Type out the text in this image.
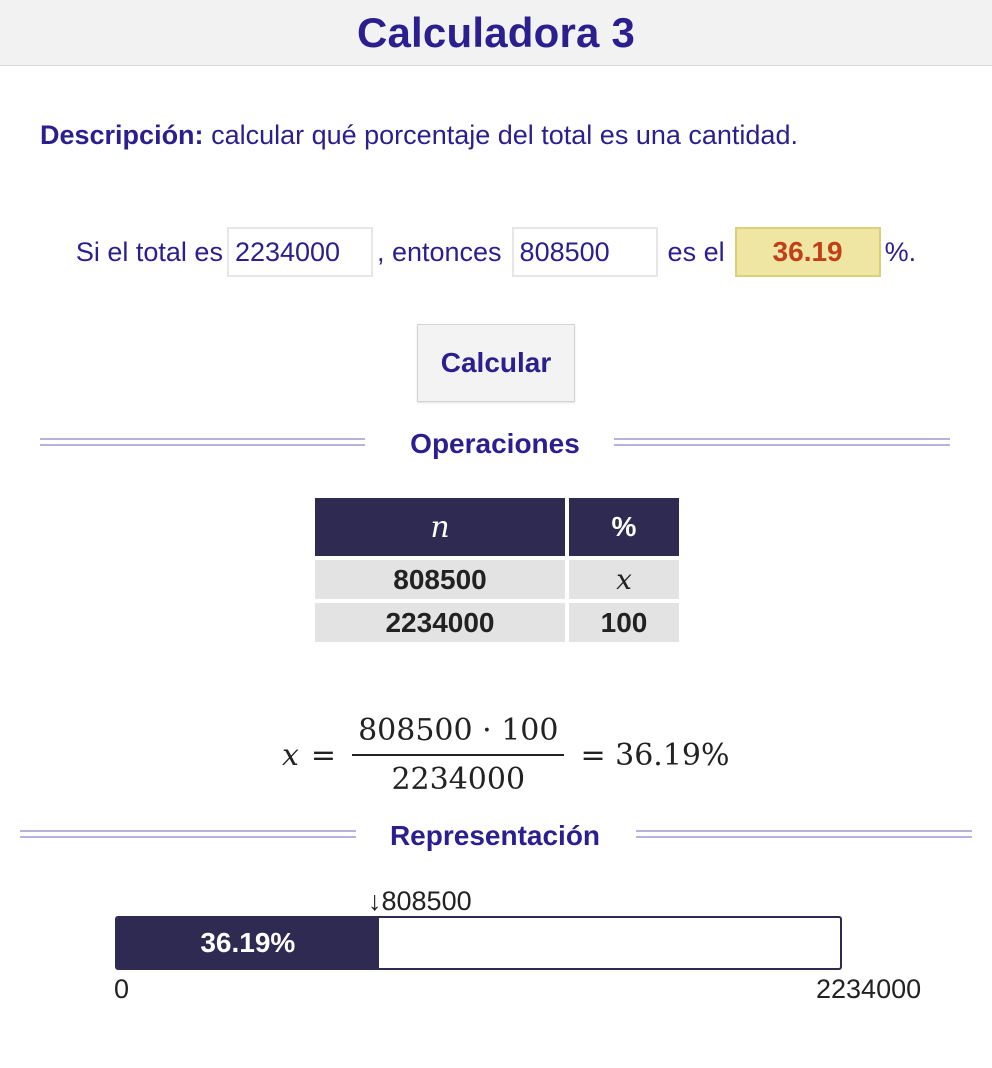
Calculadora 3
Descripción: calcular qué porcentaje del total es una cantidad.
Si el total es
2234000	, entonces
808500	es el	36.19	%.
Calcular
Operaciones
n	%
808500	x
2234000	100
$x = \frac{808500 \cdot 100}{2234000} = 36.19\%$
Representación
↓808500
36.19%
0	2234000
